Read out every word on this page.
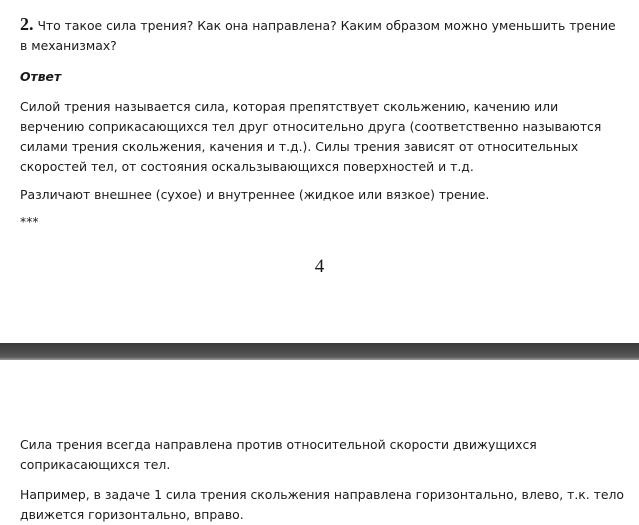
2. Что такое сила трения? Как она направлена? Каким образом можно уменьшить трение в механизмах?

Ответ

Силой трения называется сила, которая препятствует скольжению, качению или верчению соприкасающихся тел друг относительно друга (соответственно называются силами трения скольжения, качения и т.д.). Силы трения зависят от относительных скоростей тел, от состояния оскальзывающихся поверхностей и т.д.

Различают внешнее (сухое) и внутреннее (жидкое или вязкое) трение.

***

4

Сила трения всегда направлена против относительной скорости движущихся соприкасающихся тел.

Например, в задаче 1 сила трения скольжения направлена горизонтально, влево, т.к. тело движется горизонтально, вправо.
